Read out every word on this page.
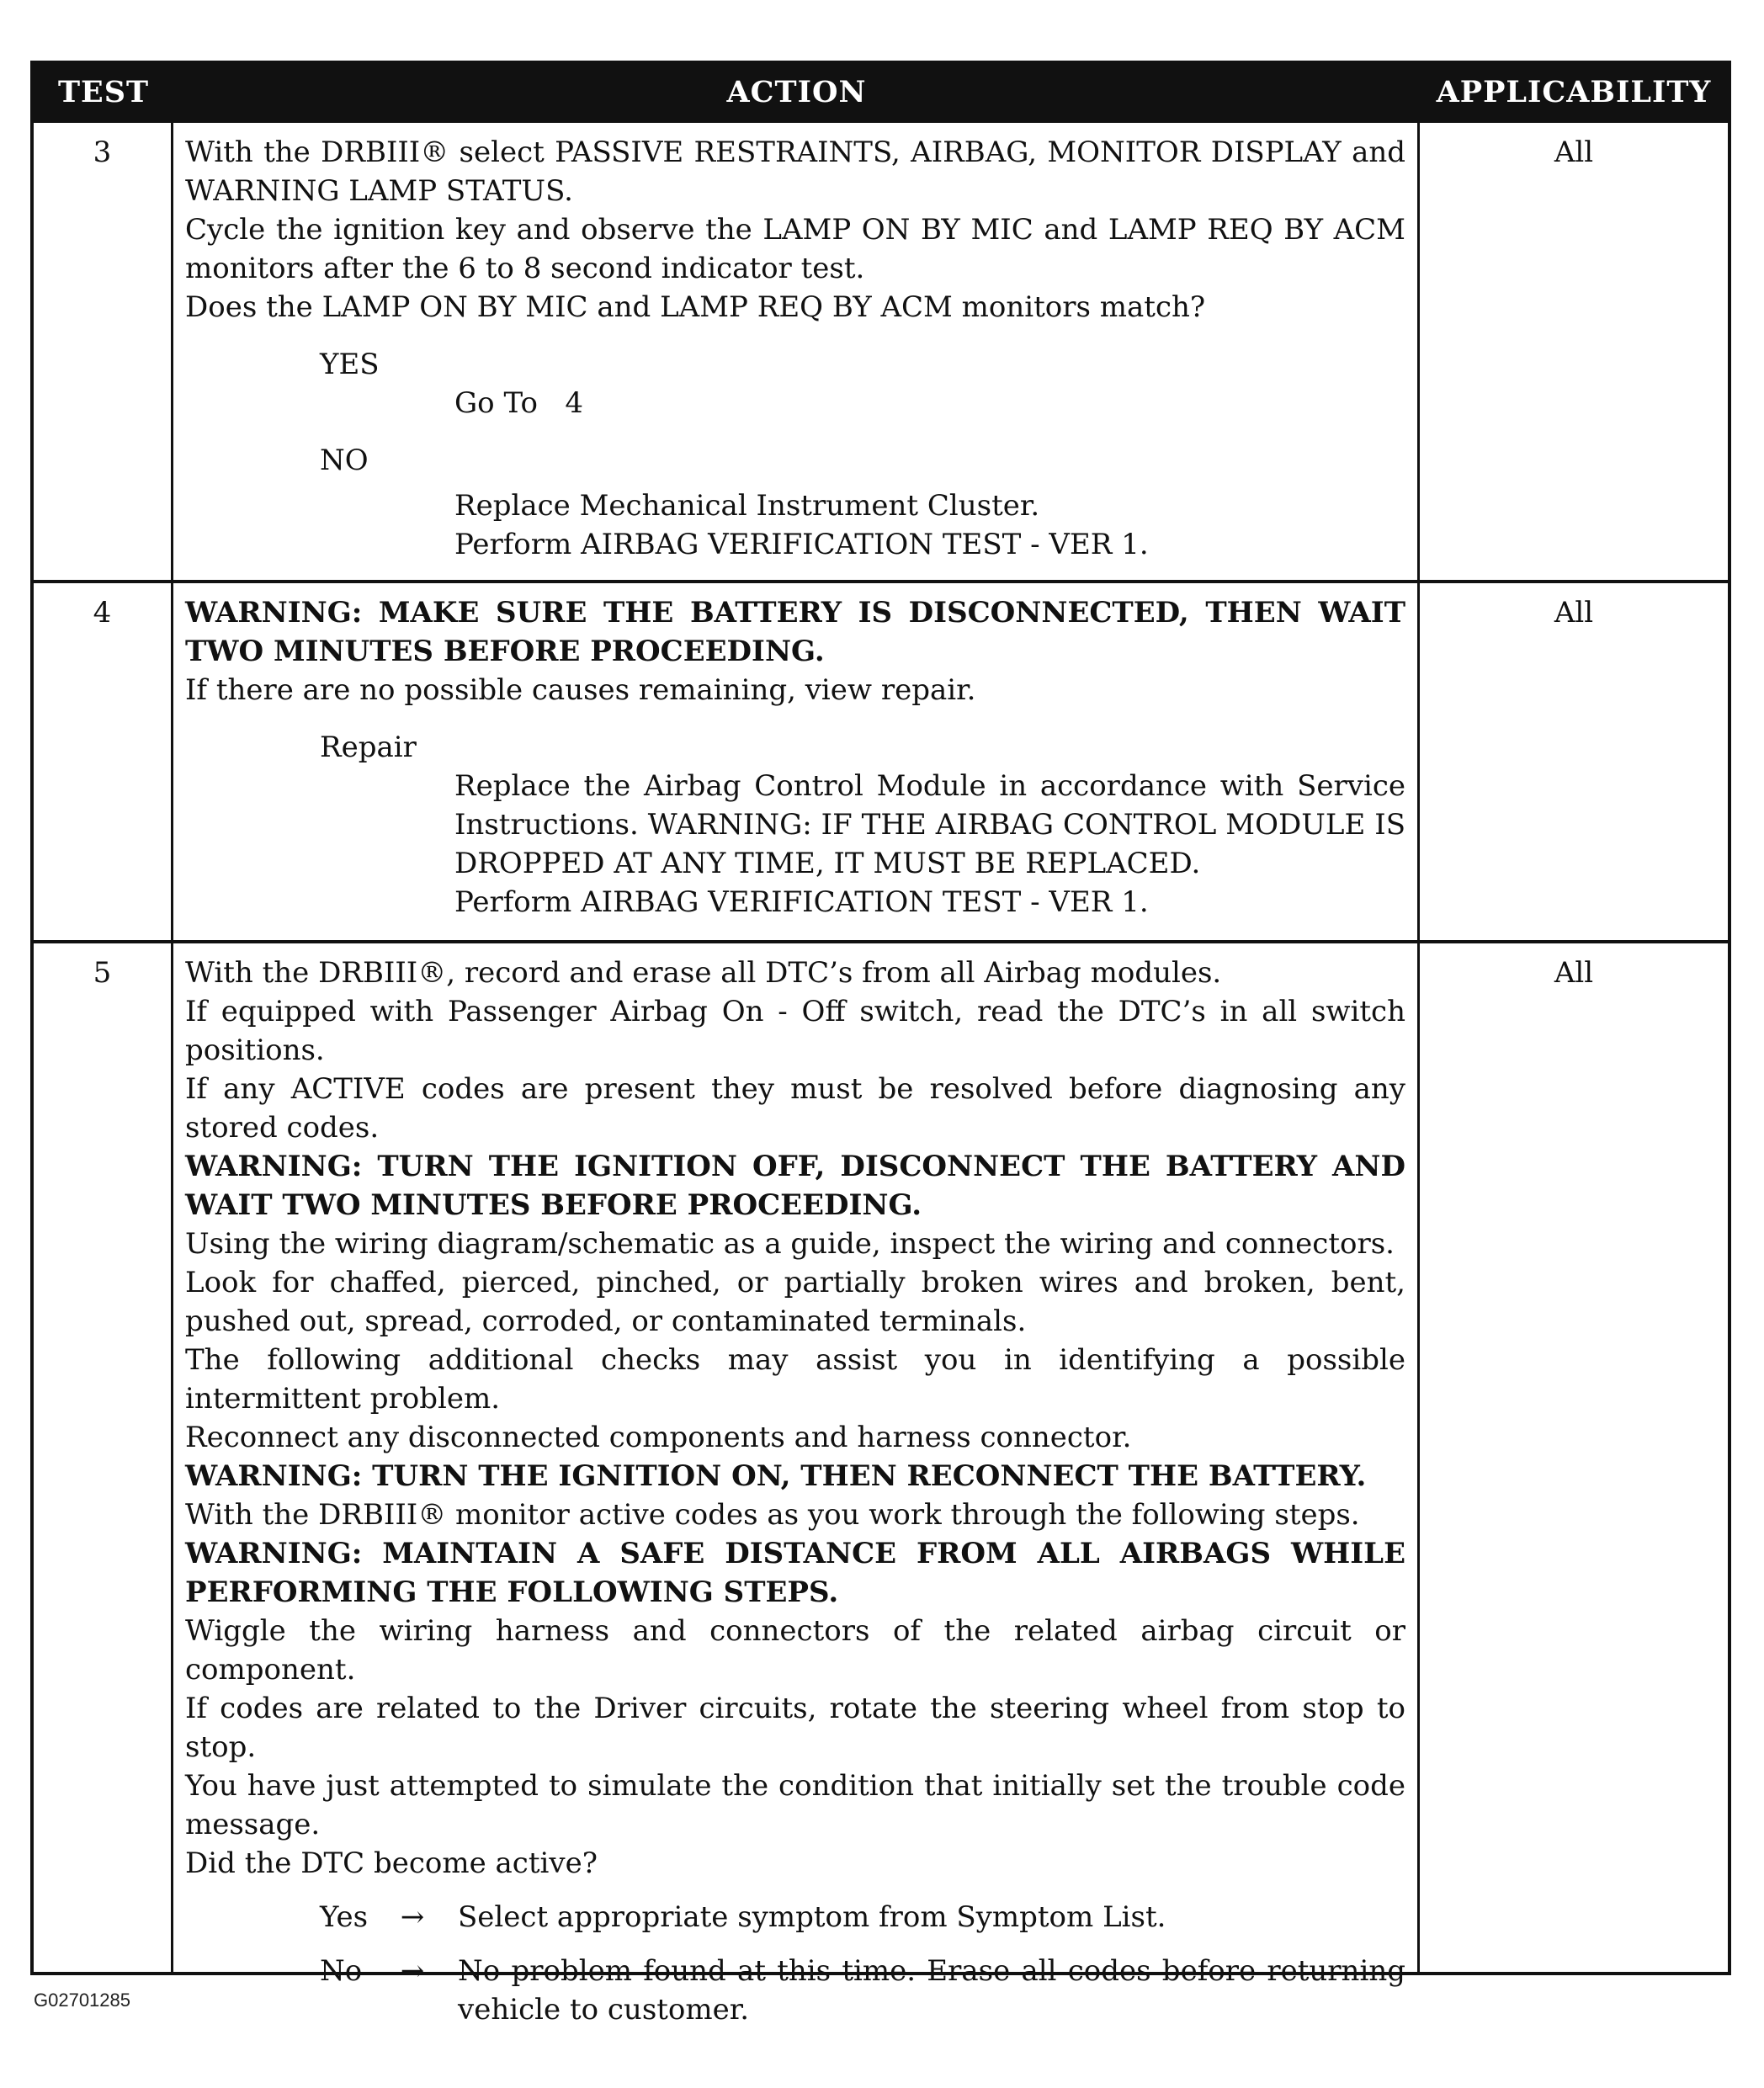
TEST	ACTION	APPLICABILITY
3	With the DRBIII® select PASSIVE RESTRAINTS, AIRBAG, MONITOR DISPLAY and WARNING LAMP STATUS.
Cycle the ignition key and observe the LAMP ON BY MIC and LAMP REQ BY ACM monitors after the 6 to 8 second indicator test.
Does the LAMP ON BY MIC and LAMP REQ BY ACM monitors match?
YES
Go To   4
NO
Replace Mechanical Instrument Cluster.
Perform AIRBAG VERIFICATION TEST - VER 1.
All
4	WARNING: MAKE SURE THE BATTERY IS DISCONNECTED, THEN WAIT TWO MINUTES BEFORE PROCEEDING.
If there are no possible causes remaining, view repair.
Repair
Replace the Airbag Control Module in accordance with Service Instructions. WARNING: IF THE AIRBAG CONTROL MODULE IS DROPPED AT ANY TIME, IT MUST BE REPLACED.
Perform AIRBAG VERIFICATION TEST - VER 1.
All
5	With the DRBIII®, record and erase all DTC’s from all Airbag modules.
If equipped with Passenger Airbag On - Off switch, read the DTC’s in all switch positions.
If any ACTIVE codes are present they must be resolved before diagnosing any stored codes.
WARNING: TURN THE IGNITION OFF, DISCONNECT THE BATTERY AND WAIT TWO MINUTES BEFORE PROCEEDING.
Using the wiring diagram/schematic as a guide, inspect the wiring and connectors.
Look for chaffed, pierced, pinched, or partially broken wires and broken, bent, pushed out, spread, corroded, or contaminated terminals.
The following additional checks may assist you in identifying a possible intermittent problem.
Reconnect any disconnected components and harness connector.
WARNING: TURN THE IGNITION ON, THEN RECONNECT THE BATTERY.
With the DRBIII® monitor active codes as you work through the following steps.
WARNING: MAINTAIN A SAFE DISTANCE FROM ALL AIRBAGS WHILE PERFORMING THE FOLLOWING STEPS.
Wiggle the wiring harness and connectors of the related airbag circuit or component.
If codes are related to the Driver circuits, rotate the steering wheel from stop to stop.
You have just attempted to simulate the condition that initially set the trouble code message.
Did the DTC become active?
Yes	→	Select appropriate symptom from Symptom List.
No	→	No problem found at this time. Erase all codes before returning vehicle to customer.
All
G02701285
